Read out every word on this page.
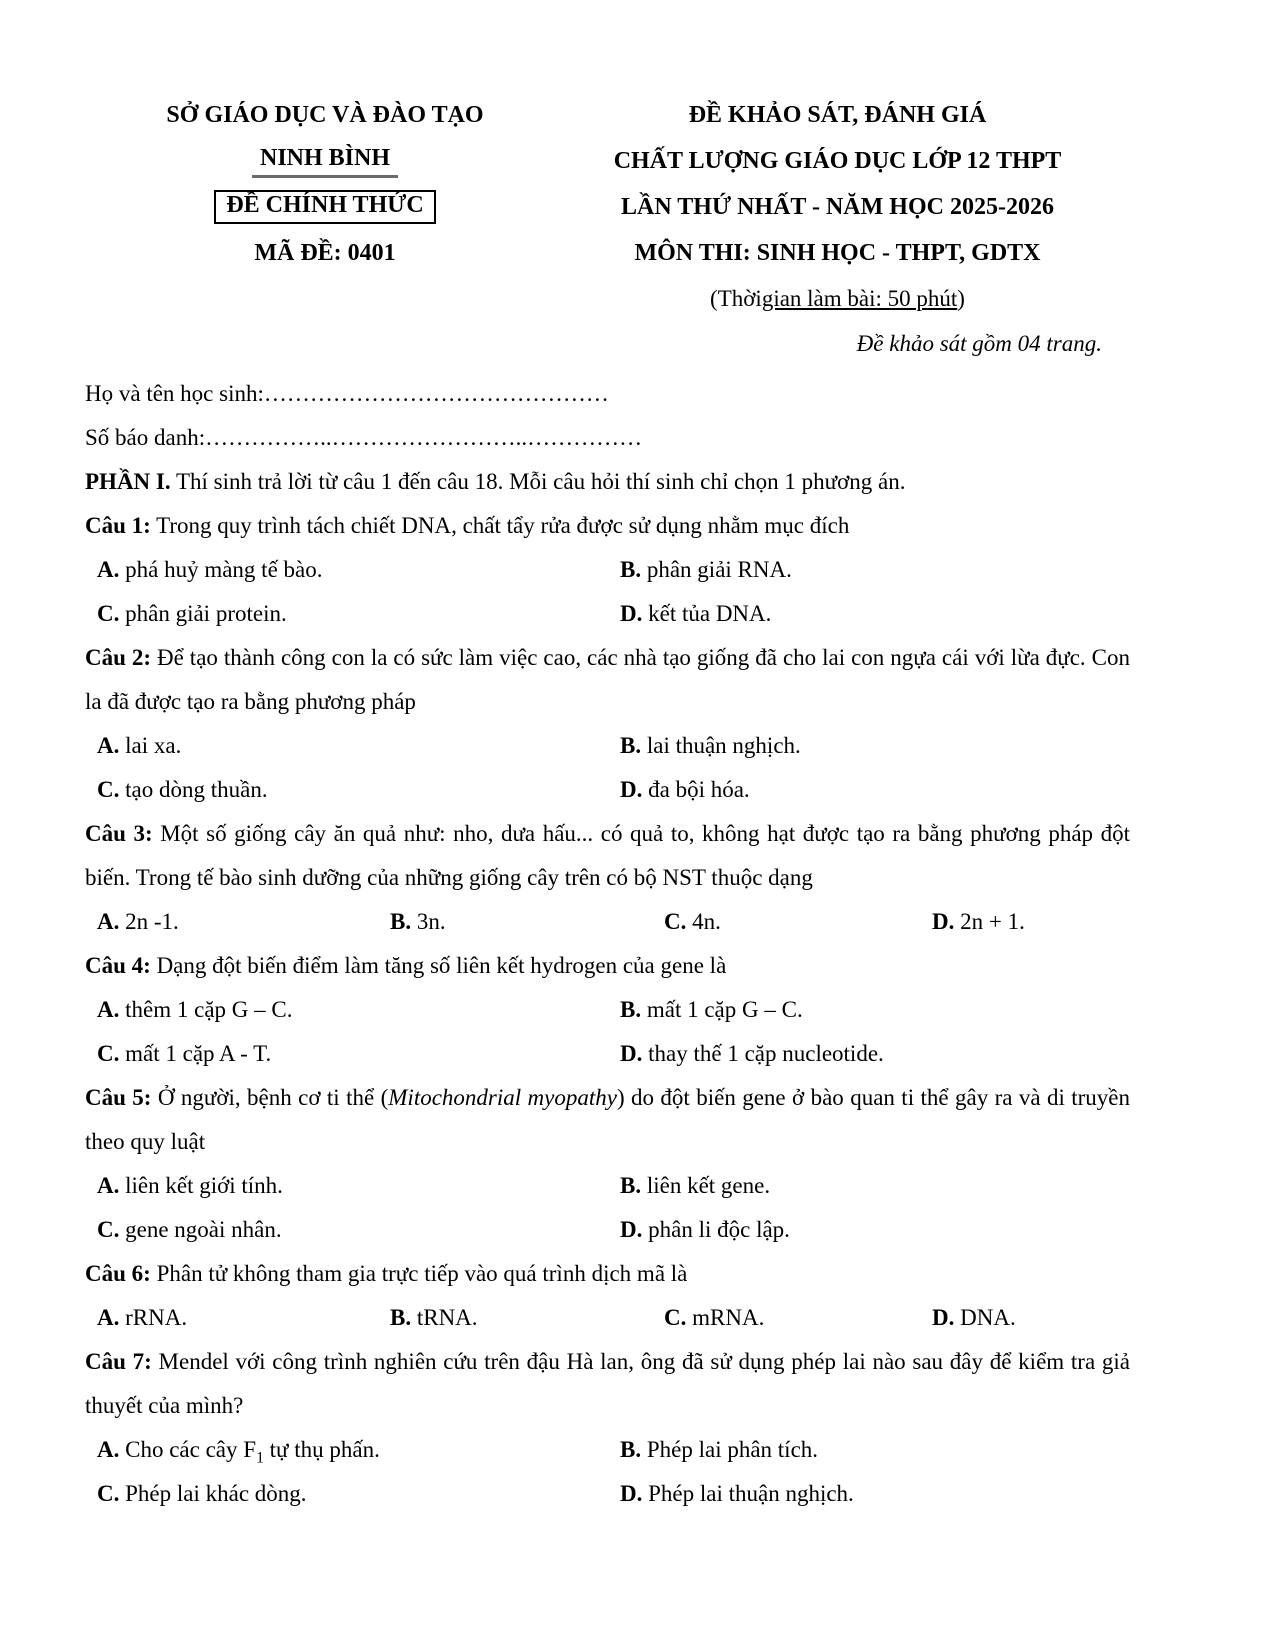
SỞ GIÁO DỤC VÀ ĐÀO TẠO
NINH BÌNH
ĐỀ CHÍNH THỨC
MÃ ĐỀ: 0401
ĐỀ KHẢO SÁT, ĐÁNH GIÁ
CHẤT LƯỢNG GIÁO DỤC LỚP 12 THPT
LẦN THỨ NHẤT - NĂM HỌC 2025-2026
MÔN THI: SINH HỌC - THPT, GDTX
(Thời gian làm bài: 50 phút )
Đề khảo sát gồm 04 trang.
Họ và tên học sinh:………………………………………
Số báo danh:……………..……………………..……………
PHẦN I. Thí sinh trả lời từ câu 1 đến câu 18. Mỗi câu hỏi thí sinh chỉ chọn 1 phương án.
Câu 1: Trong quy trình tách chiết DNA, chất tẩy rửa được sử dụng nhằm mục đích
A. phá huỷ màng tế bào.	B. phân giải RNA.
C. phân giải protein.	D. kết tủa DNA.
Câu 2: Để tạo thành công con la có sức làm việc cao, các nhà tạo giống đã cho lai con ngựa cái với lừa đực. Con la đã được tạo ra bằng phương pháp
A. lai xa.	B. lai thuận nghịch.
C. tạo dòng thuần.	D. đa bội hóa.
Câu 3: Một số giống cây ăn quả như: nho, dưa hấu... có quả to, không hạt được tạo ra bằng phương pháp đột biến. Trong tế bào sinh dưỡng của những giống cây trên có bộ NST thuộc dạng
A. 2n -1.	B. 3n.	C. 4n.	D. 2n + 1.
Câu 4: Dạng đột biến điểm làm tăng số liên kết hydrogen của gene là
A. thêm 1 cặp G – C.	B. mất 1 cặp G – C.
C. mất 1 cặp A - T.	D. thay thế 1 cặp nucleotide.
Câu 5: Ở người, bệnh cơ ti thể (Mitochondrial myopathy) do đột biến gene ở bào quan ti thể gây ra và di truyền theo quy luật
A. liên kết giới tính.	B. liên kết gene.
C. gene ngoài nhân.	D. phân li độc lập.
Câu 6: Phân tử không tham gia trực tiếp vào quá trình dịch mã là
A. rRNA.	B. tRNA.	C. mRNA.	D. DNA.
Câu 7: Mendel với công trình nghiên cứu trên đậu Hà lan, ông đã sử dụng phép lai nào sau đây để kiểm tra giả thuyết của mình?
A. Cho các cây $F_1$ tự thụ phấn.	B. Phép lai phân tích.
C. Phép lai khác dòng.	D. Phép lai thuận nghịch.
